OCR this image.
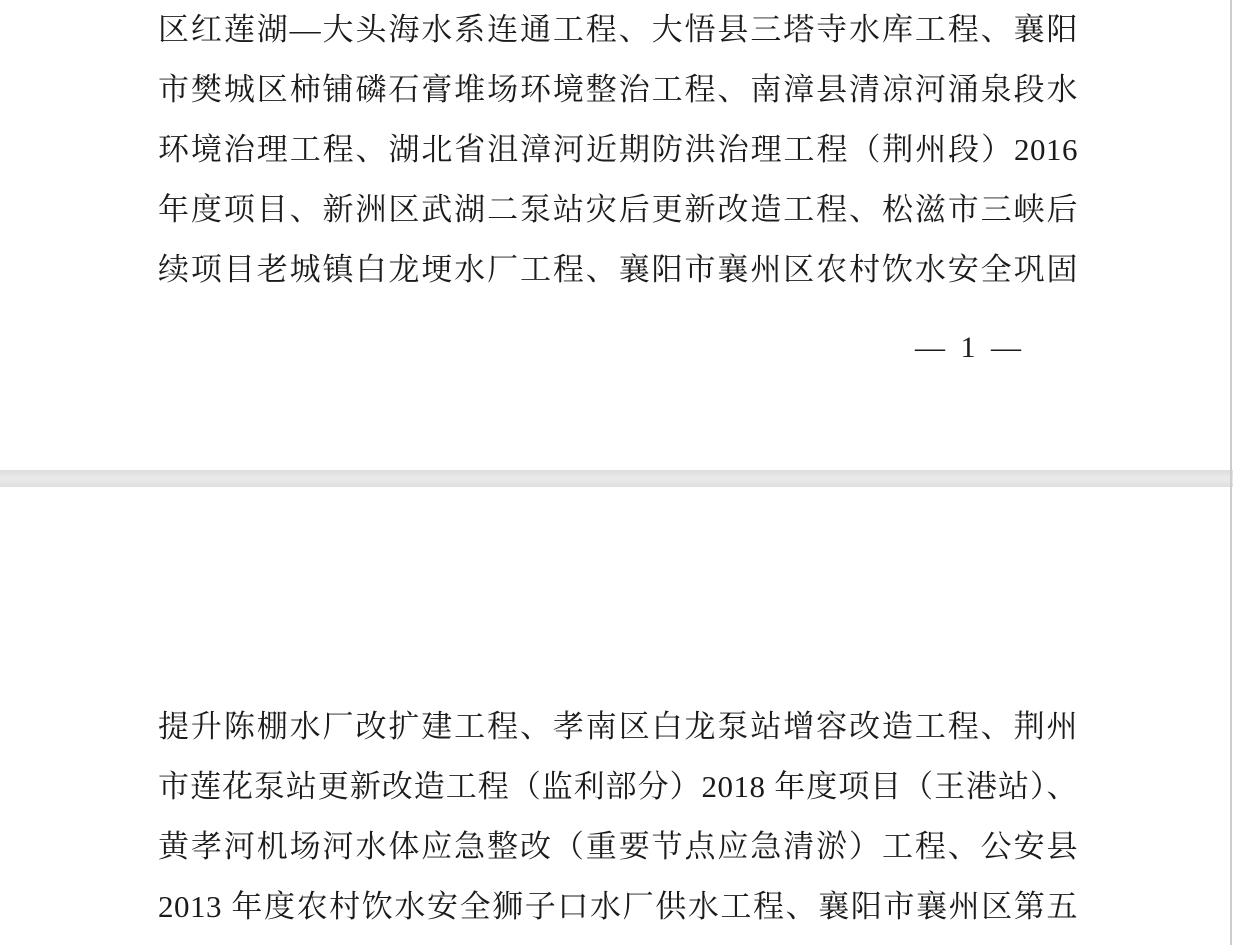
区红莲湖—大头海水系连通工程、大悟县三塔寺水库工程、襄阳
市樊城区柿铺磷石膏堆场环境整治工程、南漳县清凉河涌泉段水
环境治理工程、湖北省沮漳河近期防洪治理工程（荆州段）2016
年度项目、新洲区武湖二泵站灾后更新改造工程、松滋市三峡后
续项目老城镇白龙埂水厂工程、襄阳市襄州区农村饮水安全巩固
— 1 —
提升陈棚水厂改扩建工程、孝南区白龙泵站增容改造工程、荆州
市莲花泵站更新改造工程（监利部分）2018 年度项目（王港站）、
黄孝河机场河水体应急整改（重要节点应急清淤）工程、公安县
2013 年度农村饮水安全狮子口水厂供水工程、襄阳市襄州区第五
